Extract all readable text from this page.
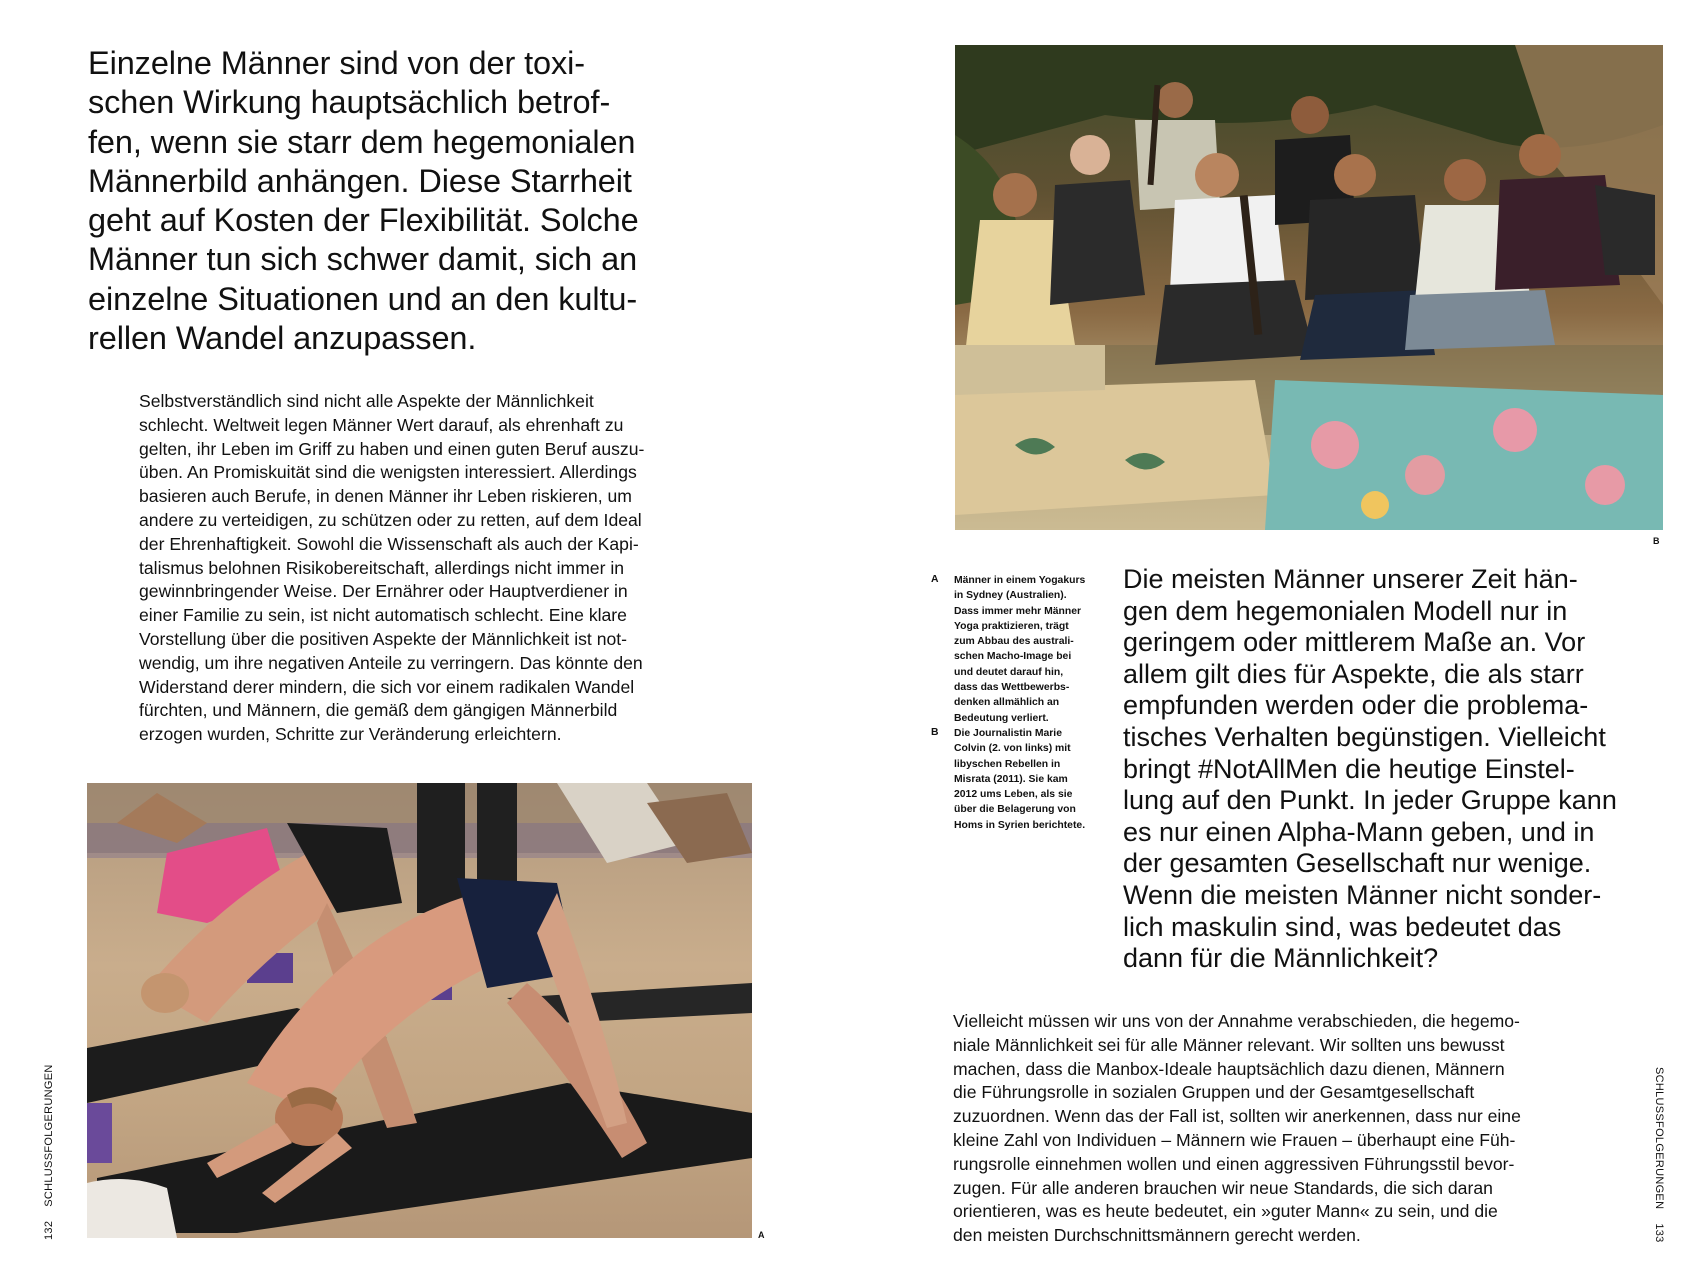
Einzelne Männer sind von der toxi-
schen Wirkung hauptsächlich betrof-
fen, wenn sie starr dem hegemonialen
Männerbild anhängen. Diese Starrheit
geht auf Kosten der Flexibilität. Solche
Männer tun sich schwer damit, sich an
einzelne Situationen und an den kultu-
rellen Wandel anzupassen.

Selbstverständlich sind nicht alle Aspekte der Männlichkeit
schlecht. Weltweit legen Männer Wert darauf, als ehrenhaft zu
gelten, ihr Leben im Griff zu haben und einen guten Beruf auszu-
üben. An Promiskuität sind die wenigsten interessiert. Allerdings
basieren auch Berufe, in denen Männer ihr Leben riskieren, um
andere zu verteidigen, zu schützen oder zu retten, auf dem Ideal
der Ehrenhaftigkeit. Sowohl die Wissenschaft als auch der Kapi-
talismus belohnen Risikobereitschaft, allerdings nicht immer in
gewinnbringender Weise. Der Ernährer oder Hauptverdiener in
einer Familie zu sein, ist nicht automatisch schlecht. Eine klare
Vorstellung über die positiven Aspekte der Männlichkeit ist not-
wendig, um ihre negativen Anteile zu verringern. Das könnte den
Widerstand derer mindern, die sich vor einem radikalen Wandel
fürchten, und Männern, die gemäß dem gängigen Männerbild
erzogen wurden, Schritte zur Veränderung erleichtern.

A
132SCHLUSSFOLGERUNGEN
B
A Männer in einem Yogakurs
in Sydney (Australien).
Dass immer mehr Männer
Yoga praktizieren, trägt
zum Abbau des australi-
schen Macho-Image bei
und deutet darauf hin,
dass das Wettbewerbs-
denken allmählich an
Bedeutung verliert.

B Die Journalistin Marie
Colvin (2. von links) mit
libyschen Rebellen in
Misrata (2011). Sie kam
2012 ums Leben, als sie
über die Belagerung von
Homs in Syrien berichtete.

Die meisten Männer unserer Zeit hän-
gen dem hegemonialen Modell nur in
geringem oder mittlerem Maße an. Vor
allem gilt dies für Aspekte, die als starr
empfunden werden oder die problema-
tisches Verhalten begünstigen. Vielleicht
bringt #NotAllMen die heutige Einstel-
lung auf den Punkt. In jeder Gruppe kann
es nur einen Alpha-Mann geben, und in
der gesamten Gesellschaft nur wenige.
Wenn die meisten Männer nicht sonder-
lich maskulin sind, was bedeutet das
dann für die Männlichkeit?

Vielleicht müssen wir uns von der Annahme verabschieden, die hegemo-
niale Männlichkeit sei für alle Männer relevant. Wir sollten uns bewusst
machen, dass die Manbox-Ideale hauptsächlich dazu dienen, Männern
die Führungsrolle in sozialen Gruppen und der Gesamtgesellschaft
zuzuordnen. Wenn das der Fall ist, sollten wir anerkennen, dass nur eine
kleine Zahl von Individuen – Männern wie Frauen – überhaupt eine Füh-
rungsrolle einnehmen wollen und einen aggressiven Führungsstil bevor-
zugen. Für alle anderen brauchen wir neue Standards, die sich daran
orientieren, was es heute bedeutet, ein »guter Mann« zu sein, und die
den meisten Durchschnittsmännern gerecht werden.

SCHLUSSFOLGERUNGEN133
